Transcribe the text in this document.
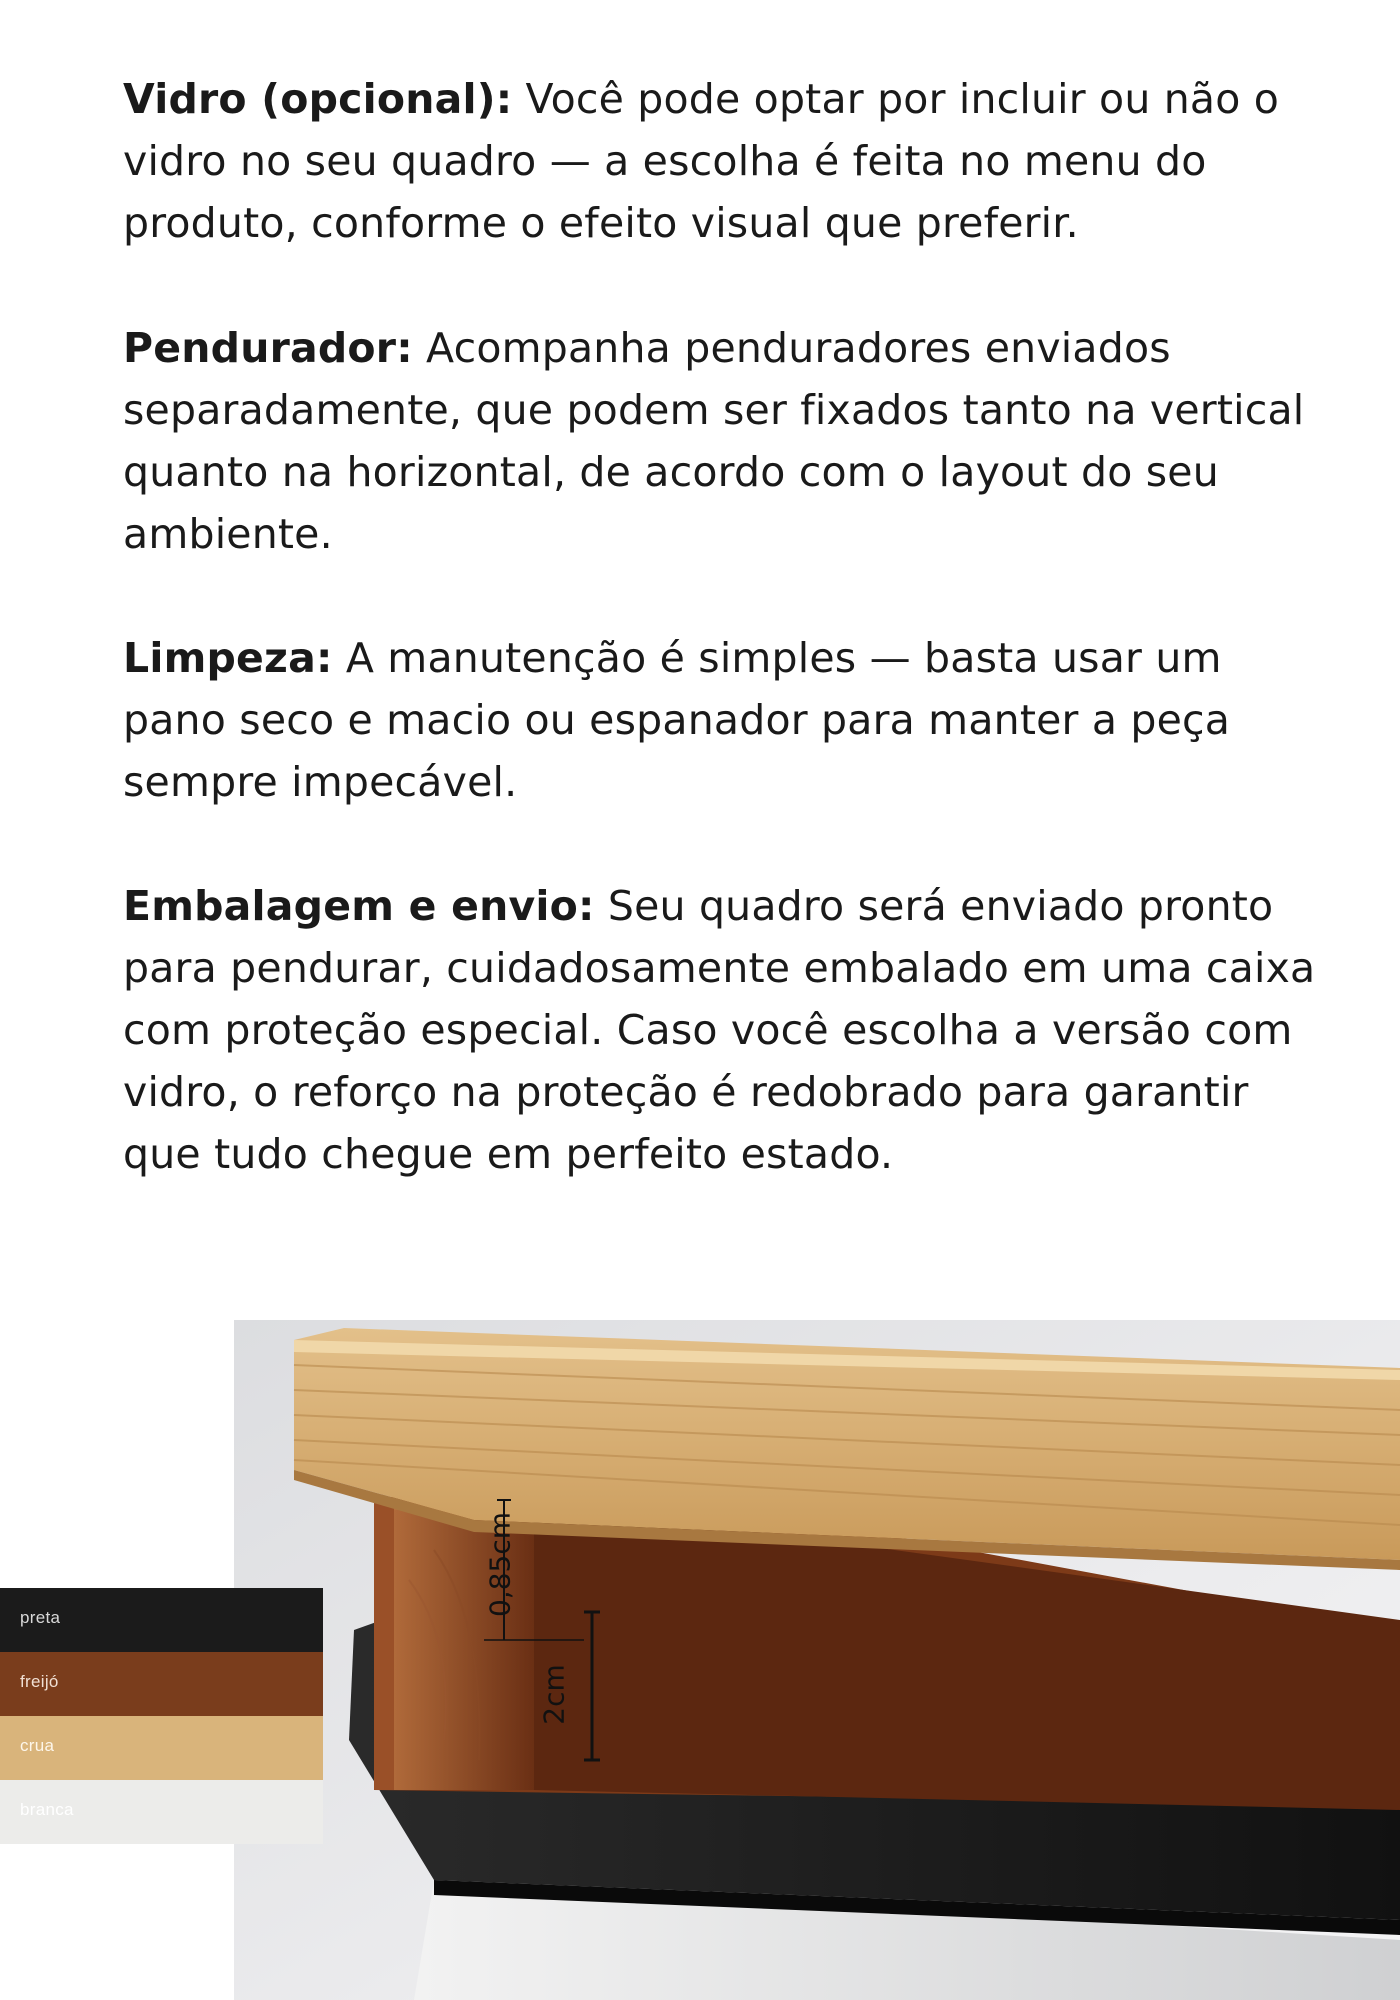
Vidro (opcional): Você pode optar por incluir ou não o vidro no seu quadro — a escolha é feita no menu do produto, conforme o efeito visual que preferir.
Pendurador: Acompanha penduradores enviados separadamente, que podem ser fixados tanto na vertical quanto na horizontal, de acordo com o layout do seu ambiente.
Limpeza: A manutenção é simples — basta usar um pano seco e macio ou espanador para manter a peça sempre impecável.
Embalagem e envio: Seu quadro será enviado pronto para pendurar, cuidadosamente embalado em uma caixa com proteção especial. Caso você escolha a versão com vidro, o reforço na proteção é redobrado para garantir que tudo chegue em perfeito estado.
0,85cm
2cm
preta
freijó
crua
branca
